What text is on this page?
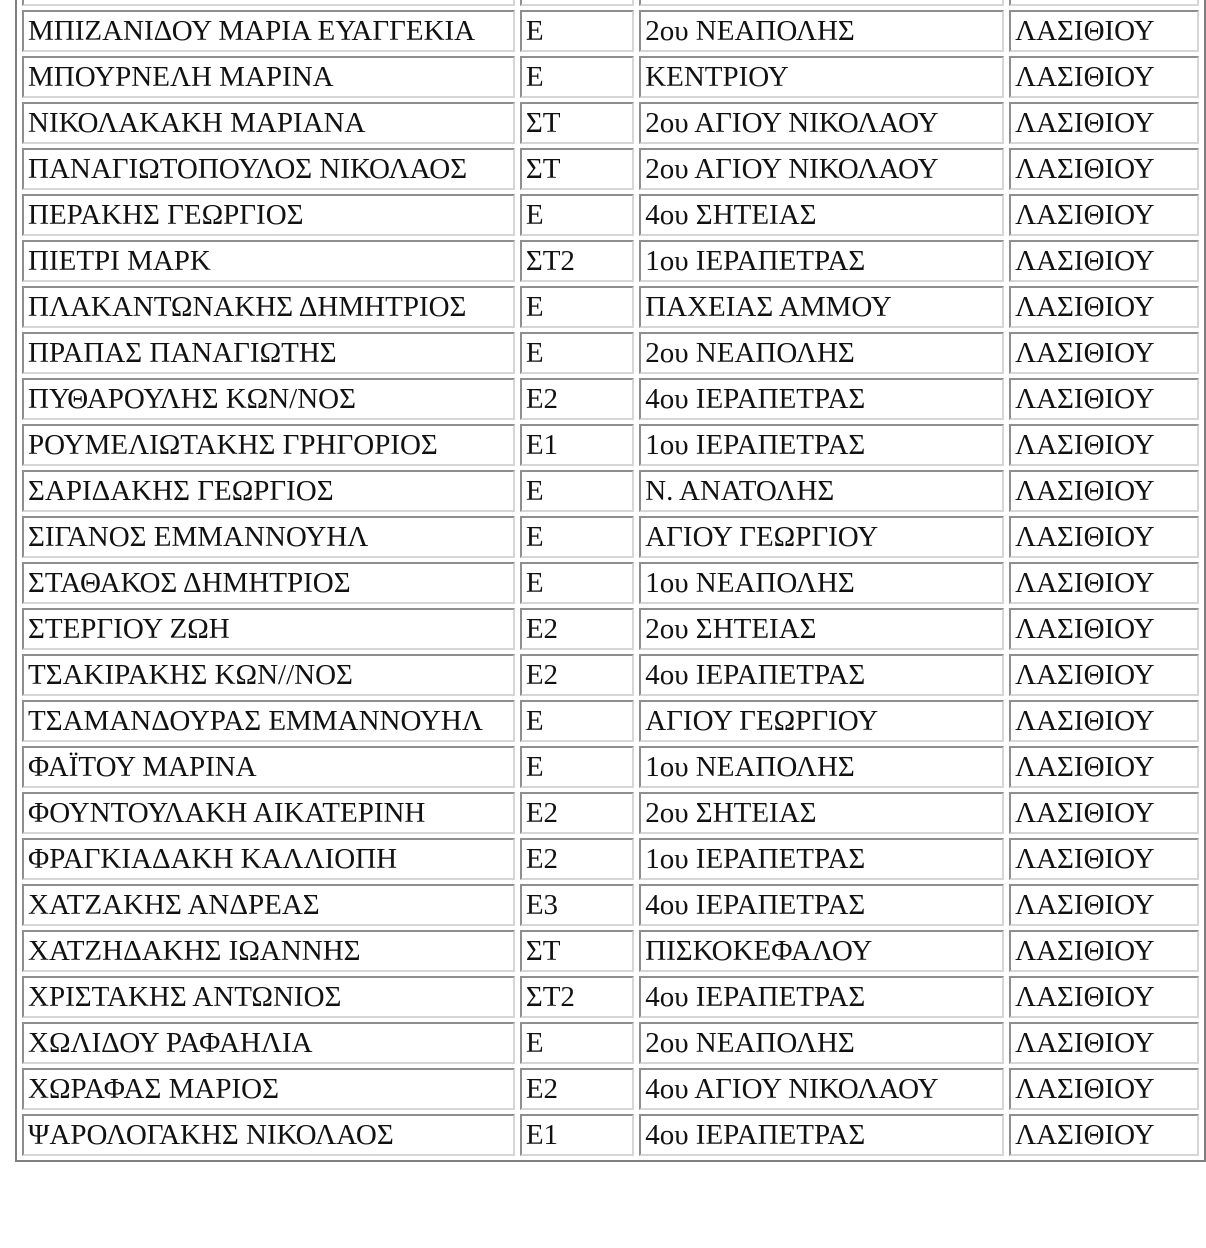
ΜΠΙΖΑΝΙΔΟΥ ΜΑΡΙΑ ΕΥΑΓΓΕΚΙΑ	Ε	2ου ΝΕΑΠΟΛΗΣ	ΛΑΣΙΘΙΟΥ
ΜΠΟΥΡΝΕΛΗ ΜΑΡΙΝΑ	Ε	ΚΕΝΤΡΙΟΥ	ΛΑΣΙΘΙΟΥ
ΝΙΚΟΛΑΚΑΚΗ ΜΑΡΙΑΝΑ	ΣΤ	2ου ΑΓΙΟΥ ΝΙΚΟΛΑΟΥ	ΛΑΣΙΘΙΟΥ
ΠΑΝΑΓΙΩΤΟΠΟΥΛΟΣ ΝΙΚΟΛΑΟΣ	ΣΤ	2ου ΑΓΙΟΥ ΝΙΚΟΛΑΟΥ	ΛΑΣΙΘΙΟΥ
ΠΕΡΑΚΗΣ ΓΕΩΡΓΙΟΣ	Ε	4ου ΣΗΤΕΙΑΣ	ΛΑΣΙΘΙΟΥ
ΠΙΕΤΡΙ ΜΑΡΚ	ΣΤ2	1ου ΙΕΡΑΠΕΤΡΑΣ	ΛΑΣΙΘΙΟΥ
ΠΛΑΚΑΝΤΩΝΑΚΗΣ ΔΗΜΗΤΡΙΟΣ	Ε	ΠΑΧΕΙΑΣ ΑΜΜΟΥ	ΛΑΣΙΘΙΟΥ
ΠΡΑΠΑΣ ΠΑΝΑΓΙΩΤΗΣ	Ε	2ου ΝΕΑΠΟΛΗΣ	ΛΑΣΙΘΙΟΥ
ΠΥΘΑΡΟΥΛΗΣ ΚΩΝ/ΝΟΣ	Ε2	4ου ΙΕΡΑΠΕΤΡΑΣ	ΛΑΣΙΘΙΟΥ
ΡΟΥΜΕΛΙΩΤΑΚΗΣ ΓΡΗΓΟΡΙΟΣ	Ε1	1ου ΙΕΡΑΠΕΤΡΑΣ	ΛΑΣΙΘΙΟΥ
ΣΑΡΙΔΑΚΗΣ ΓΕΩΡΓΙΟΣ	Ε	Ν. ΑΝΑΤΟΛΗΣ	ΛΑΣΙΘΙΟΥ
ΣΙΓΑΝΟΣ ΕΜΜΑΝΝΟΥΗΛ	Ε	ΑΓΙΟΥ ΓΕΩΡΓΙΟΥ	ΛΑΣΙΘΙΟΥ
ΣΤΑΘΑΚΟΣ ΔΗΜΗΤΡΙΟΣ	Ε	1ου ΝΕΑΠΟΛΗΣ	ΛΑΣΙΘΙΟΥ
ΣΤΕΡΓΙΟΥ ΖΩΗ	Ε2	2ου ΣΗΤΕΙΑΣ	ΛΑΣΙΘΙΟΥ
ΤΣΑΚΙΡΑΚΗΣ ΚΩΝ//ΝΟΣ	Ε2	4ου ΙΕΡΑΠΕΤΡΑΣ	ΛΑΣΙΘΙΟΥ
ΤΣΑΜΑΝΔΟΥΡΑΣ ΕΜΜΑΝΝΟΥΗΛ	Ε	ΑΓΙΟΥ ΓΕΩΡΓΙΟΥ	ΛΑΣΙΘΙΟΥ
ΦΑΪΤΟΥ ΜΑΡΙΝΑ	Ε	1ου ΝΕΑΠΟΛΗΣ	ΛΑΣΙΘΙΟΥ
ΦΟΥΝΤΟΥΛΑΚΗ ΑΙΚΑΤΕΡΙΝΗ	Ε2	2ου ΣΗΤΕΙΑΣ	ΛΑΣΙΘΙΟΥ
ΦΡΑΓΚΙΑΔΑΚΗ ΚΑΛΛΙΟΠΗ	Ε2	1ου ΙΕΡΑΠΕΤΡΑΣ	ΛΑΣΙΘΙΟΥ
ΧΑΤΖΑΚΗΣ ΑΝΔΡΕΑΣ	Ε3	4ου ΙΕΡΑΠΕΤΡΑΣ	ΛΑΣΙΘΙΟΥ
ΧΑΤΖΗΔΑΚΗΣ ΙΩΑΝΝΗΣ	ΣΤ	ΠΙΣΚΟΚΕΦΑΛΟΥ	ΛΑΣΙΘΙΟΥ
ΧΡΙΣΤΑΚΗΣ ΑΝΤΩΝΙΟΣ	ΣΤ2	4ου ΙΕΡΑΠΕΤΡΑΣ	ΛΑΣΙΘΙΟΥ
ΧΩΛΙΔΟΥ ΡΑΦΑΗΛΙΑ	Ε	2ου ΝΕΑΠΟΛΗΣ	ΛΑΣΙΘΙΟΥ
ΧΩΡΑΦΑΣ ΜΑΡΙΟΣ	Ε2	4ου ΑΓΙΟΥ ΝΙΚΟΛΑΟΥ	ΛΑΣΙΘΙΟΥ
ΨΑΡΟΛΟΓΑΚΗΣ ΝΙΚΟΛΑΟΣ	Ε1	4ου ΙΕΡΑΠΕΤΡΑΣ	ΛΑΣΙΘΙΟΥ
